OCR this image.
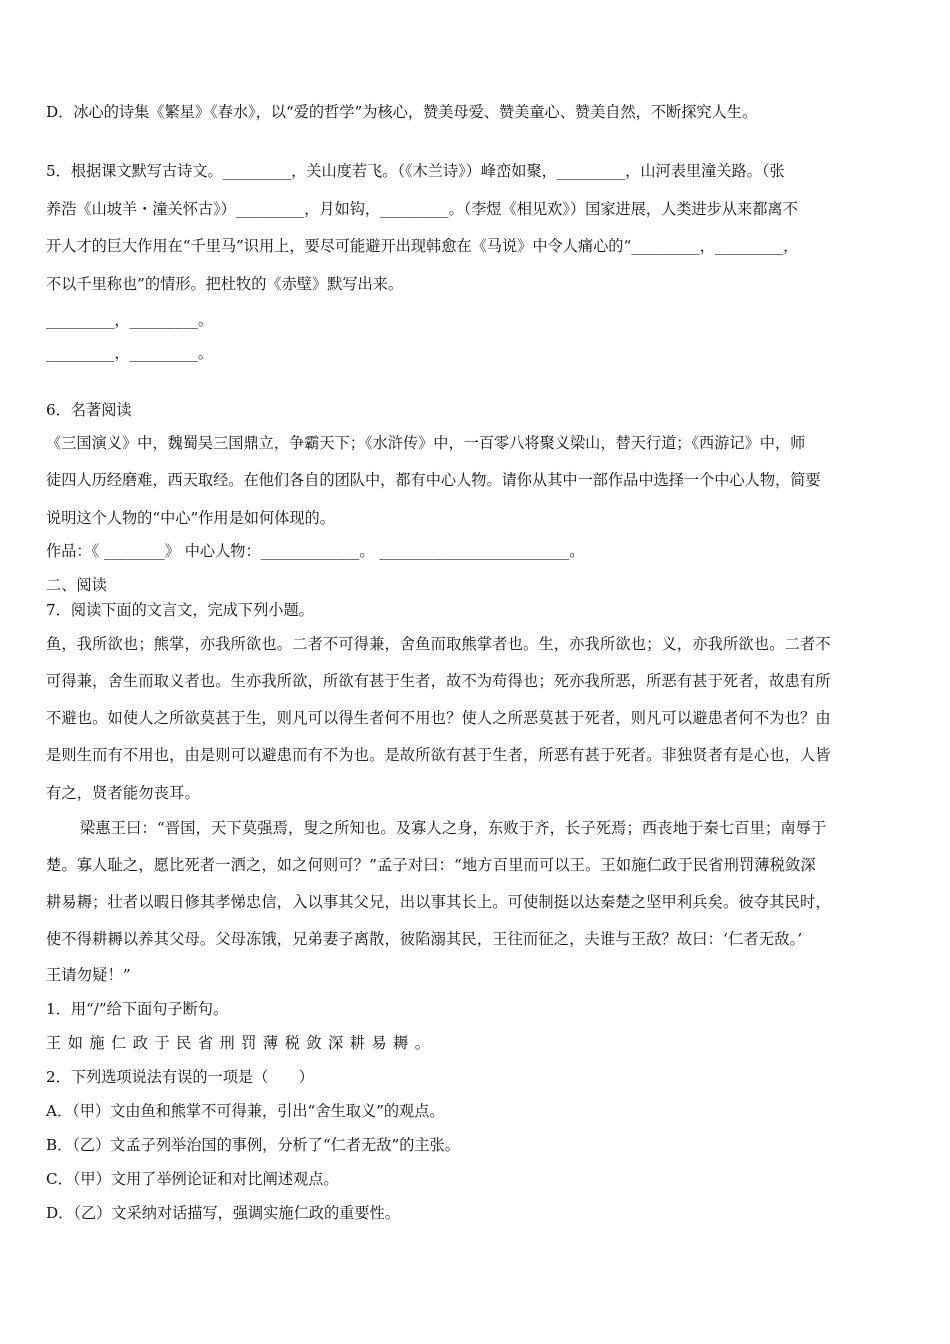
D．冰心的诗集《繁星》《春水》，以“爱的哲学”为核心，赞美母爱、赞美童心、赞美自然，不断探究人生。
5．根据课文默写古诗文。_________，关山度若飞。（《木兰诗》）峰峦如聚，_________，山河表里潼关路。（张
养浩《山坡羊・潼关怀古》）_________，月如钩，_________。（李煜《相见欢》）国家进展，人类进步从来都离不
开人才的巨大作用在“千里马”识用上，要尽可能避开出现韩愈在《马说》中令人痛心的“_________，_________，
不以千里称也”的情形。把杜牧的《赤壁》默写出来。
_________，_________。
_________，_________。
6．名著阅读
《三国演义》中，魏蜀吴三国鼎立，争霸天下；《水浒传》中，一百零八将聚义梁山，替天行道；《西游记》中，师
徒四人历经磨难，西天取经。在他们各自的团队中，都有中心人物。请你从其中一部作品中选择一个中心人物，简要
说明这个人物的“中心”作用是如何体现的。
作品：《 ________》 中心人物：_____________。 _________________________。
二、阅读
7．阅读下面的文言文，完成下列小题。
鱼，我所欲也；熊掌，亦我所欲也。二者不可得兼，舍鱼而取熊掌者也。生，亦我所欲也；义，亦我所欲也。二者不
可得兼，舍生而取义者也。生亦我所欲，所欲有甚于生者，故不为苟得也；死亦我所恶，所恶有甚于死者，故患有所
不避也。如使人之所欲莫甚于生，则凡可以得生者何不用也？使人之所恶莫甚于死者，则凡可以避患者何不为也？由
是则生而有不用也，由是则可以避患而有不为也。是故所欲有甚于生者，所恶有甚于死者。非独贤者有是心也，人皆
有之，贤者能勿丧耳。
梁惠王曰：“晋国，天下莫强焉，叟之所知也。及寡人之身，东败于齐，长子死焉；西丧地于秦七百里；南辱于
楚。寡人耻之，愿比死者一洒之，如之何则可？”孟子对曰：“地方百里而可以王。王如施仁政于民省刑罚薄税敛深
耕易耨；壮者以暇日修其孝悌忠信，入以事其父兄，出以事其长上。可使制挺以达秦楚之坚甲利兵矣。彼夺其民时，
使不得耕耨以养其父母。父母冻饿，兄弟妻子离散，彼陷溺其民，王往而征之，夫谁与王敌？故曰：‘仁者无敌。’
王请勿疑！”
1．用“/”给下面句子断句。
王如施仁政于民省刑罚薄税敛深耕易耨。
2．下列选项说法有误的一项是（　　）
A．（甲）文由鱼和熊掌不可得兼，引出“舍生取义”的观点。
B．（乙）文孟子列举治国的事例，分析了“仁者无敌”的主张。
C．（甲）文用了举例论证和对比阐述观点。
D．（乙）文采纳对话描写，强调实施仁政的重要性。
